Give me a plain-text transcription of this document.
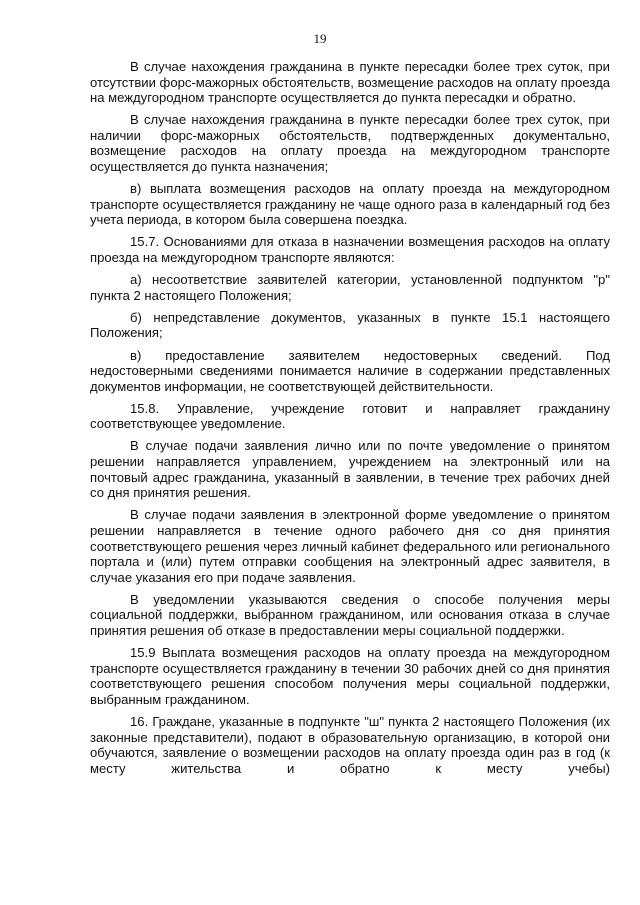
19

В случае нахождения гражданина в пункте пересадки более трех суток, при отсутствии форс-мажорных обстоятельств, возмещение расходов на оплату проезда на междугородном транспорте осуществляется до пункта пересадки и обратно.

В случае нахождения гражданина в пункте пересадки более трех суток, при наличии форс-мажорных обстоятельств, подтвержденных документально, возмещение расходов на оплату проезда на междугородном транспорте осуществляется до пункта назначения;

в) выплата возмещения расходов на оплату проезда на междугородном транспорте осуществляется гражданину не чаще одного раза в календарный год без учета периода, в котором была совершена поездка.

15.7. Основаниями для отказа в назначении возмещения расходов на оплату проезда на междугородном транспорте являются:

а) несоответствие заявителей категории, установленной подпунктом "р" пункта 2 настоящего Положения;

б) непредставление документов, указанных в пункте 15.1 настоящего Положения;

в) предоставление заявителем недостоверных сведений. Под недостоверными сведениями понимается наличие в содержании представленных документов информации, не соответствующей действительности.

15.8. Управление, учреждение готовит и направляет гражданину соответствующее уведомление.

В случае подачи заявления лично или по почте уведомление о принятом решении направляется управлением, учреждением на электронный или на почтовый адрес гражданина, указанный в заявлении, в течение трех рабочих дней со дня принятия решения.

В случае подачи заявления в электронной форме уведомление о принятом решении направляется в течение одного рабочего дня со дня принятия соответствующего решения через личный кабинет федерального или регионального портала и (или) путем отправки сообщения на электронный адрес заявителя, в случае указания его при подаче заявления.

В уведомлении указываются сведения о способе получения меры социальной поддержки, выбранном гражданином, или основания отказа в случае принятия решения об отказе в предоставлении меры социальной поддержки.

15.9 Выплата возмещения расходов на оплату проезда на междугородном транспорте осуществляется гражданину в течении 30 рабочих дней со дня принятия соответствующего решения способом получения меры социальной поддержки, выбранным гражданином.

16. Граждане, указанные в подпункте "ш" пункта 2 настоящего Положения (их законные представители), подают в образовательную организацию, в которой они обучаются, заявление о возмещении расходов на оплату проезда один раз в год (к месту жительства и обратно к месту учебы)
